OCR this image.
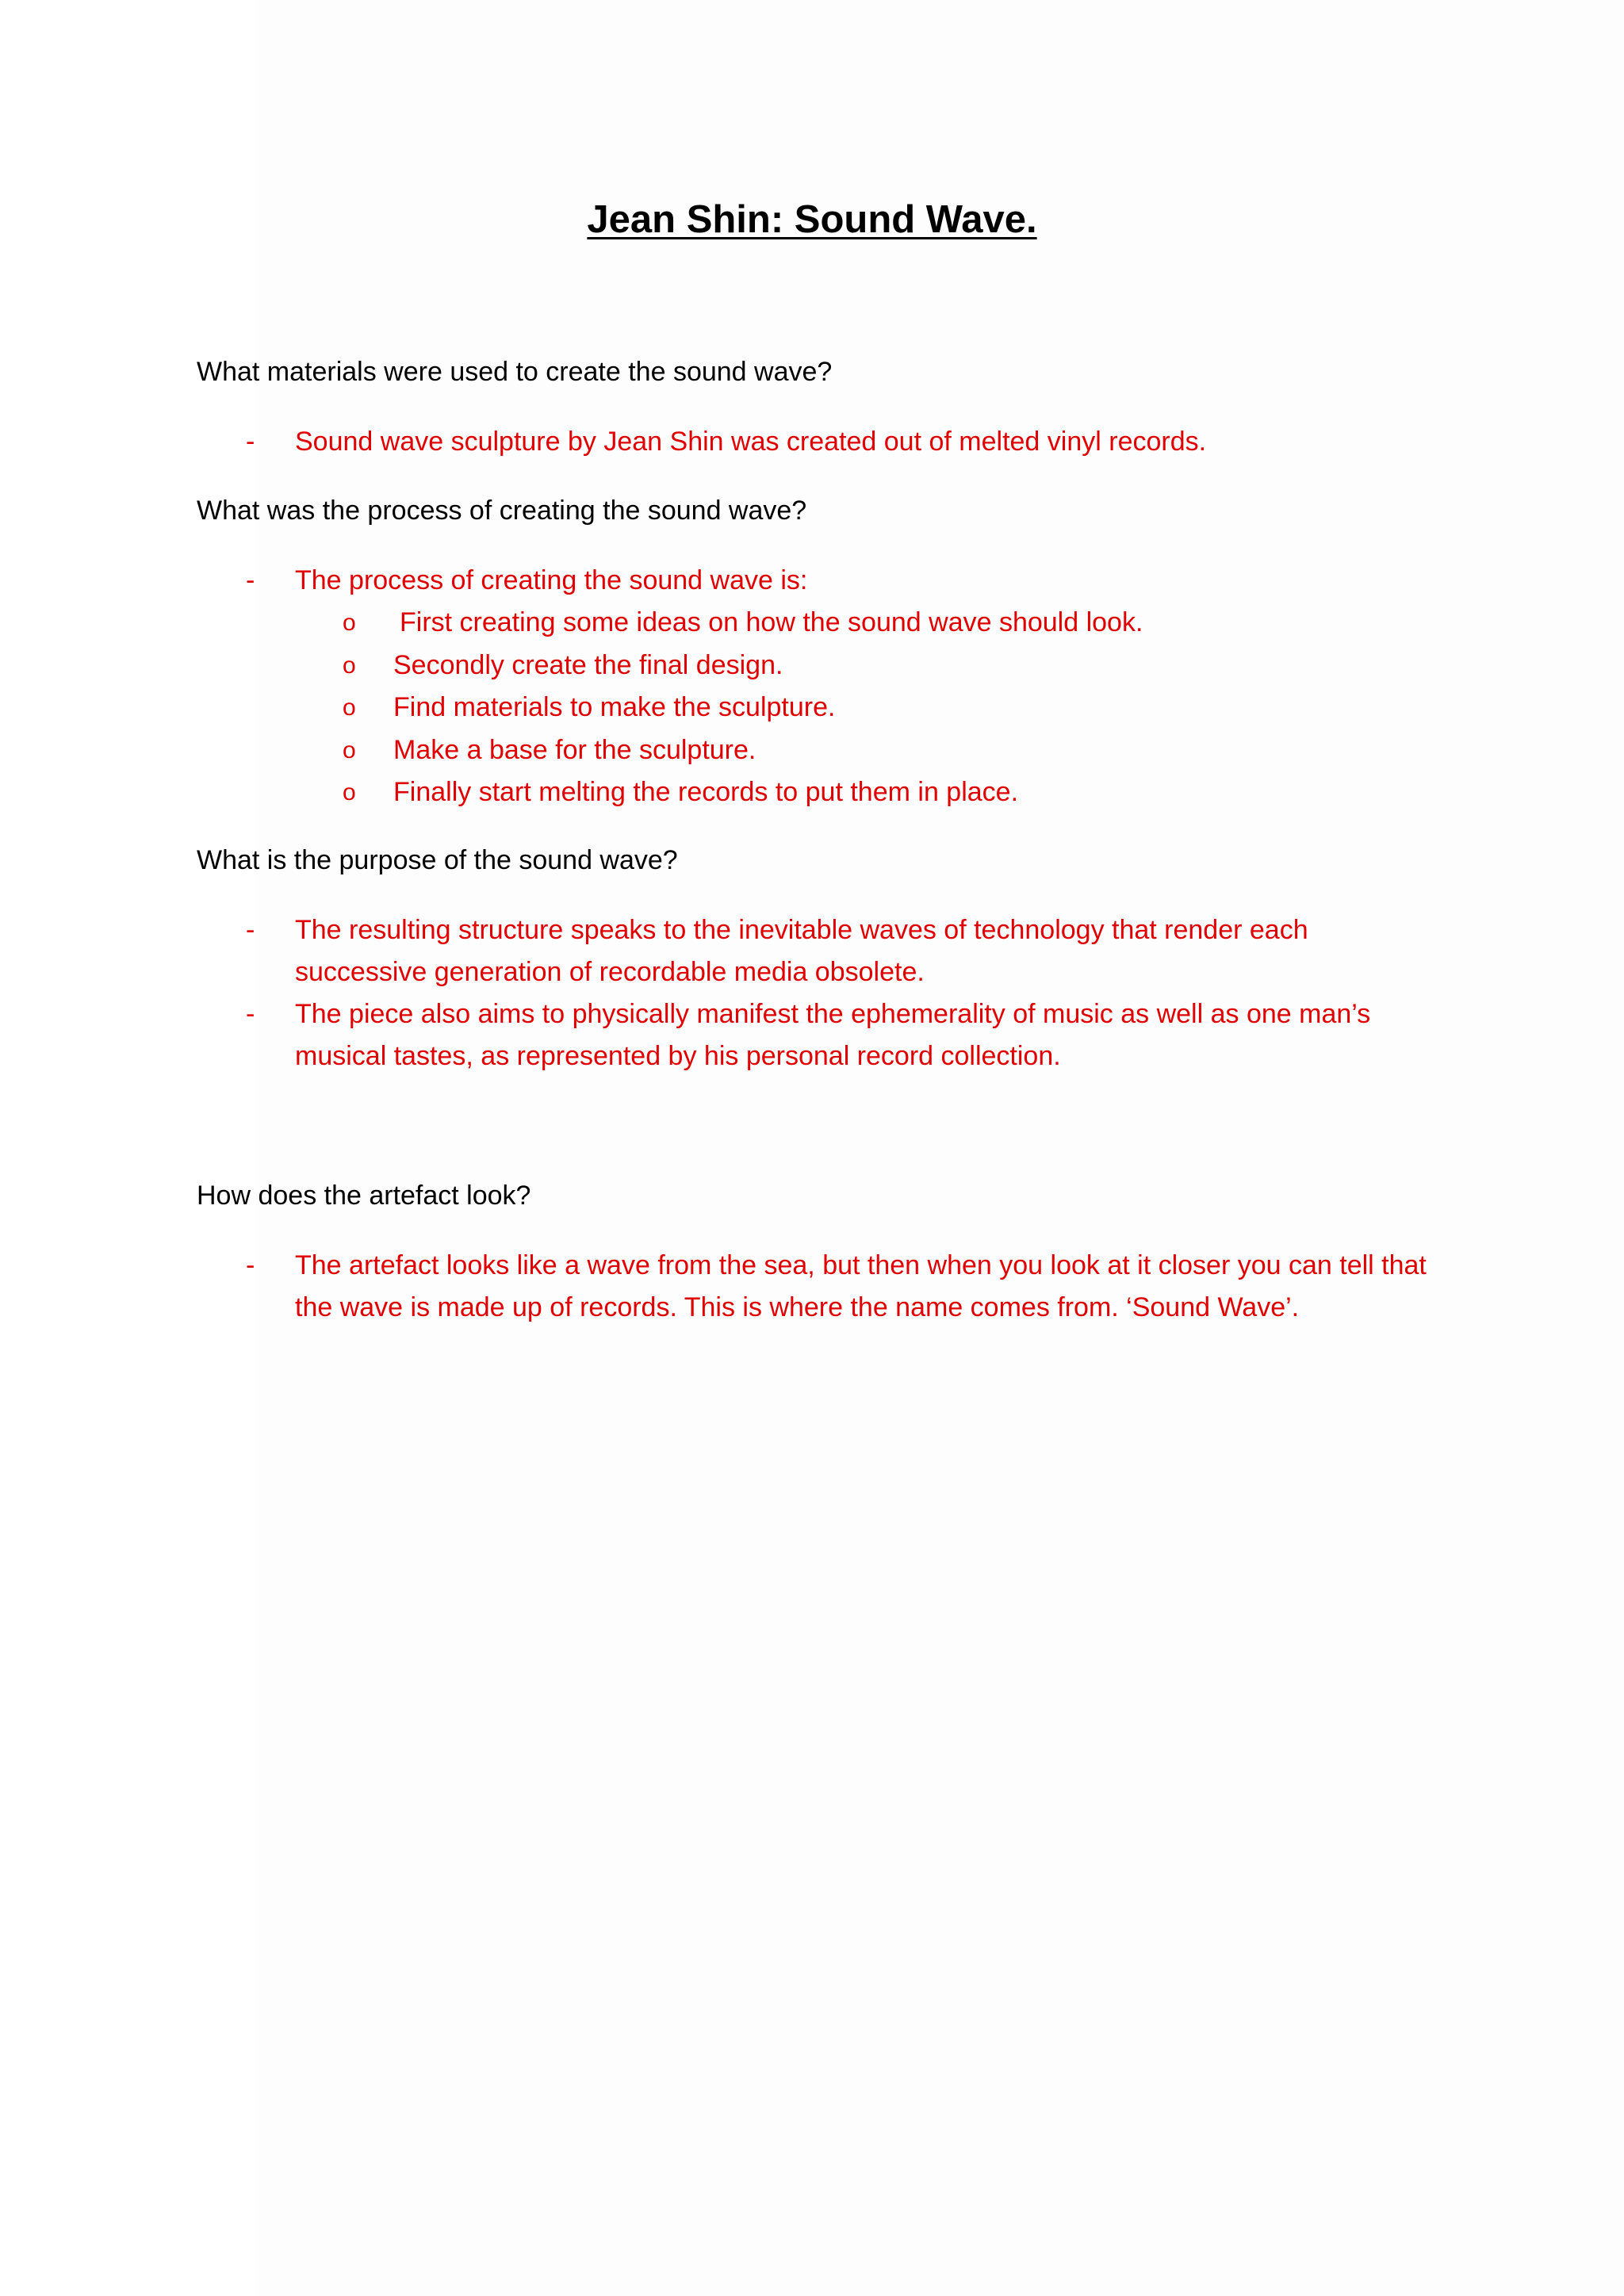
Jean Shin: Sound Wave.
What materials were used to create the sound wave?
- Sound wave sculpture by Jean Shin was created out of melted vinyl records.
What was the process of creating the sound wave?
- The process of creating the sound wave is:
o First creating some ideas on how the sound wave should look.
o Secondly create the final design.
o Find materials to make the sculpture.
o Make a base for the sculpture.
o Finally start melting the records to put them in place.
What is the purpose of the sound wave?
- The resulting structure speaks to the inevitable waves of technology that render each successive generation of recordable media obsolete.
- The piece also aims to physically manifest the ephemerality of music as well as one man’s musical tastes, as represented by his personal record collection.
How does the artefact look?
- The artefact looks like a wave from the sea, but then when you look at it closer you can tell that the wave is made up of records. This is where the name comes from. ‘Sound Wave’.
